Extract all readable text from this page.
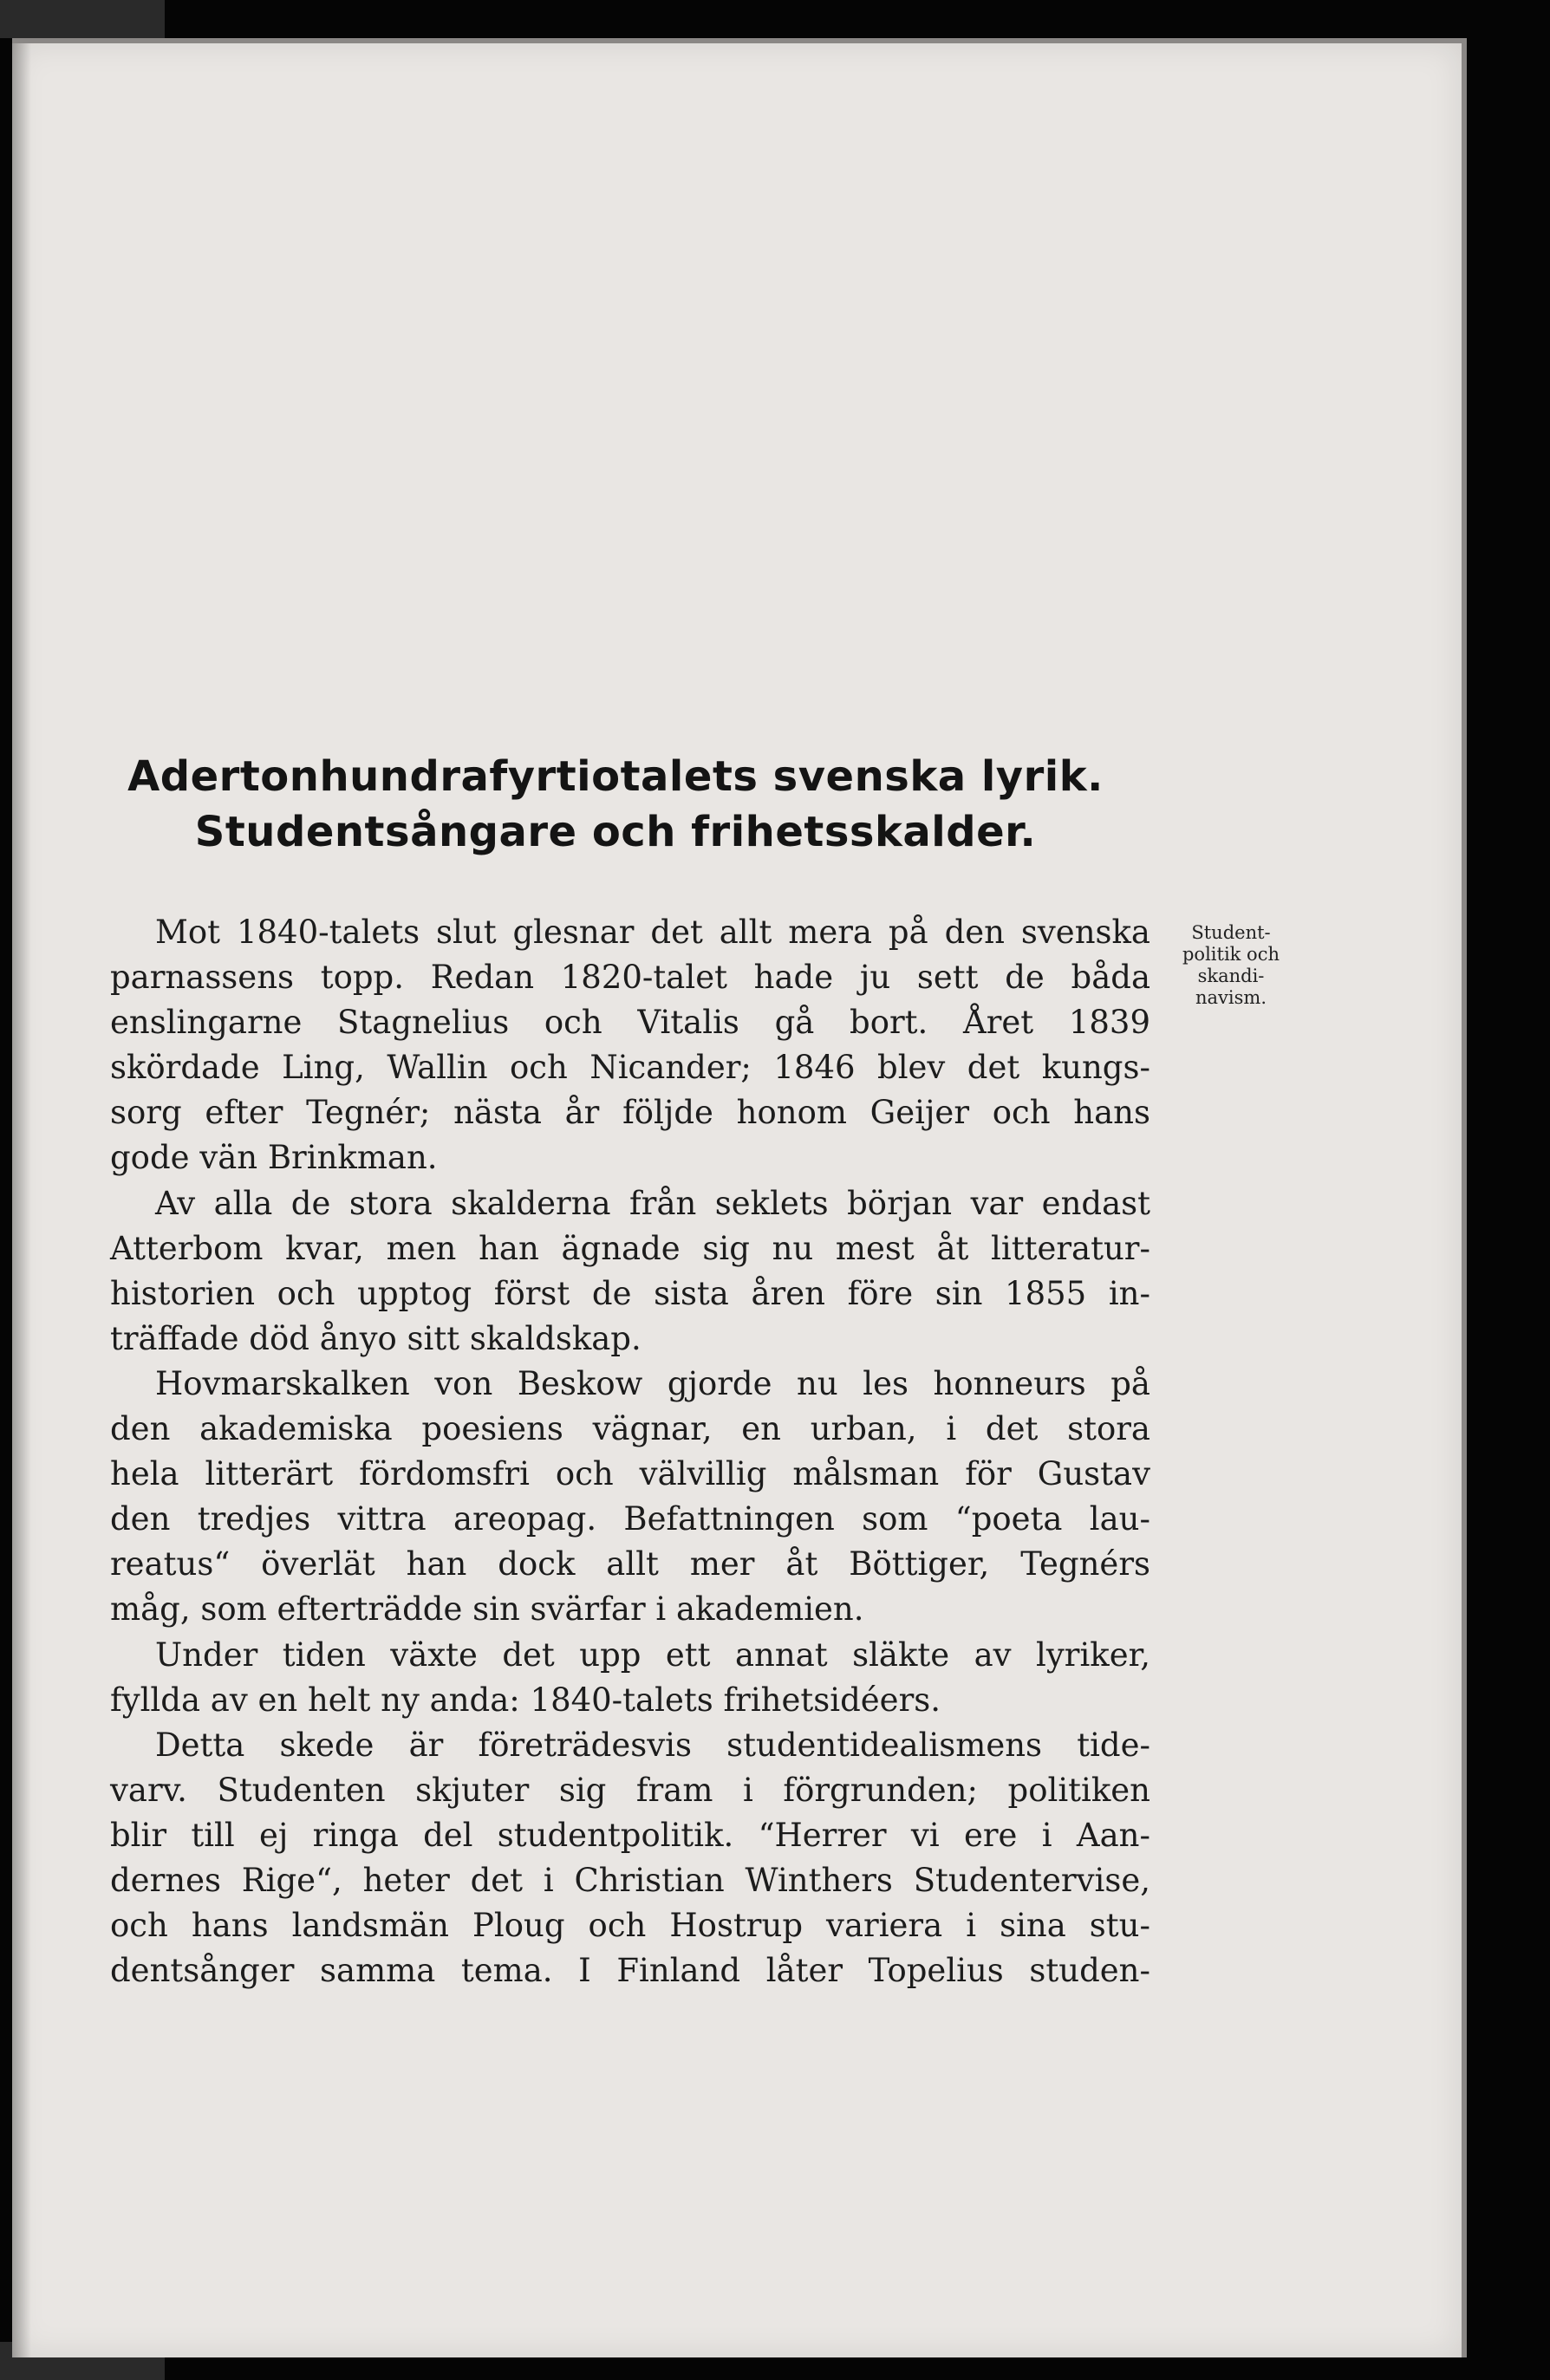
Adertonhundrafyrtiotalets svenska lyrik.
Studentsångare och frihetsskalder.
Student-
politik och
skandi-
navism.
Mot 1840-talets slut glesnar det allt mera på den svenska
parnassens topp. Redan 1820-talet hade ju sett de båda
enslingarne Stagnelius och Vitalis gå bort. Året 1839
skördade Ling, Wallin och Nicander; 1846 blev det kungs-
sorg efter Tegnér; nästa år följde honom Geijer och hans
gode vän Brinkman.
Av alla de stora skalderna från seklets början var endast
Atterbom kvar, men han ägnade sig nu mest åt litteratur-
historien och upptog först de sista åren före sin 1855 in-
träffade död ånyo sitt skaldskap.
Hovmarskalken von Beskow gjorde nu les honneurs på
den akademiska poesiens vägnar, en urban, i det stora
hela litterärt fördomsfri och välvillig målsman för Gustav
den tredjes vittra areopag. Befattningen som “poeta lau-
reatus“ överlät han dock allt mer åt Böttiger, Tegnérs
måg, som efterträdde sin svärfar i akademien.
Under tiden växte det upp ett annat släkte av lyriker,
fyllda av en helt ny anda: 1840-talets frihetsidéers.
Detta skede är företrädesvis studentidealismens tide-
varv. Studenten skjuter sig fram i förgrunden; politiken
blir till ej ringa del studentpolitik. “Herrer vi ere i Aan-
dernes Rige“, heter det i Christian Winthers Studentervise,
och hans landsmän Ploug och Hostrup variera i sina stu-
dentsånger samma tema. I Finland låter Topelius studen-
